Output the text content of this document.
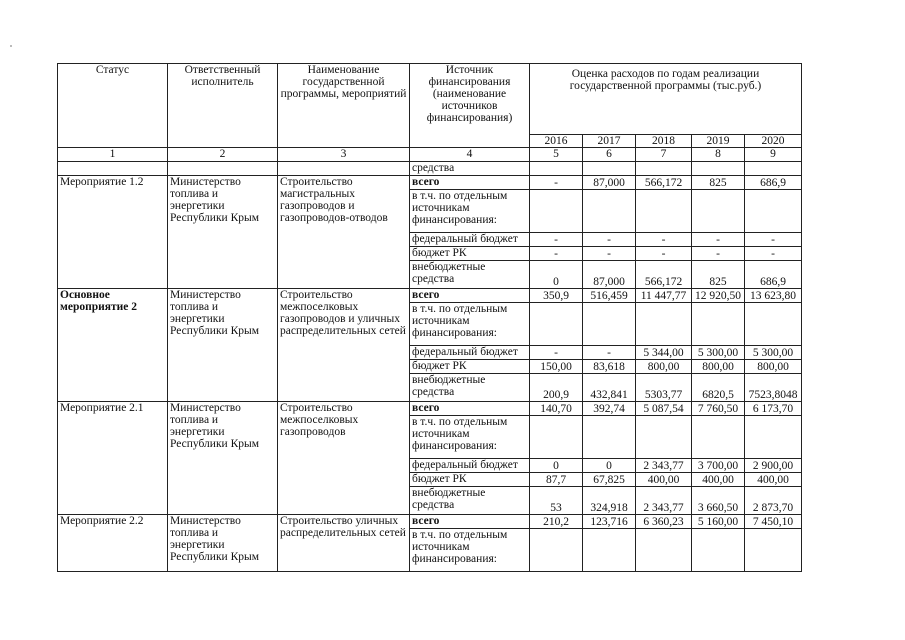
Статус	Ответственный исполнитель	Наименование государственной программы, мероприятий	Источник финансирования (наименование источников финансирования)	Оценка расходов по годам реализации государственной программы (тыс.руб.)				
				2016	2017	2018	2019	2020
1	2	3	4	5	6	7	8	9
			средства					
Мероприятие 1.2	Министерство топлива и энергетики Республики Крым	Строительство магистральных газопроводов и газопроводов-отводов	всего	-	87,000	566,172	825	686,9
			в т.ч. по отдельным источникам финансирования:					
			федеральный бюджет	-	-	-	-	-
			бюджет РК	-	-	-	-	-
			внебюджетные средства	0	87,000	566,172	825	686,9
Основное мероприятие 2	Министерство топлива и энергетики Республики Крым	Строительство межпоселковых газопроводов и уличных распределительных сетей	всего	350,9	516,459	11 447,77	12 920,50	13 623,80
			в т.ч. по отдельным источникам финансирования:					
			федеральный бюджет	-	-	5 344,00	5 300,00	5 300,00
			бюджет РК	150,00	83,618	800,00	800,00	800,00
			внебюджетные средства	200,9	432,841	5303,77	6820,5	7523,8048
Мероприятие 2.1	Министерство топлива и энергетики Республики Крым	Строительство межпоселковых газопроводов	всего	140,70	392,74	5 087,54	7 760,50	6 173,70
			в т.ч. по отдельным источникам финансирования:					
			федеральный бюджет	0	0	2 343,77	3 700,00	2 900,00
			бюджет РК	87,7	67,825	400,00	400,00	400,00
			внебюджетные средства	53	324,918	2 343,77	3 660,50	2 873,70
Мероприятие 2.2	Министерство топлива и энергетики Республики Крым	Строительство уличных распределительных сетей	всего	210,2	123,716	6 360,23	5 160,00	7 450,10
			в т.ч. по отдельным источникам финансирования:					
